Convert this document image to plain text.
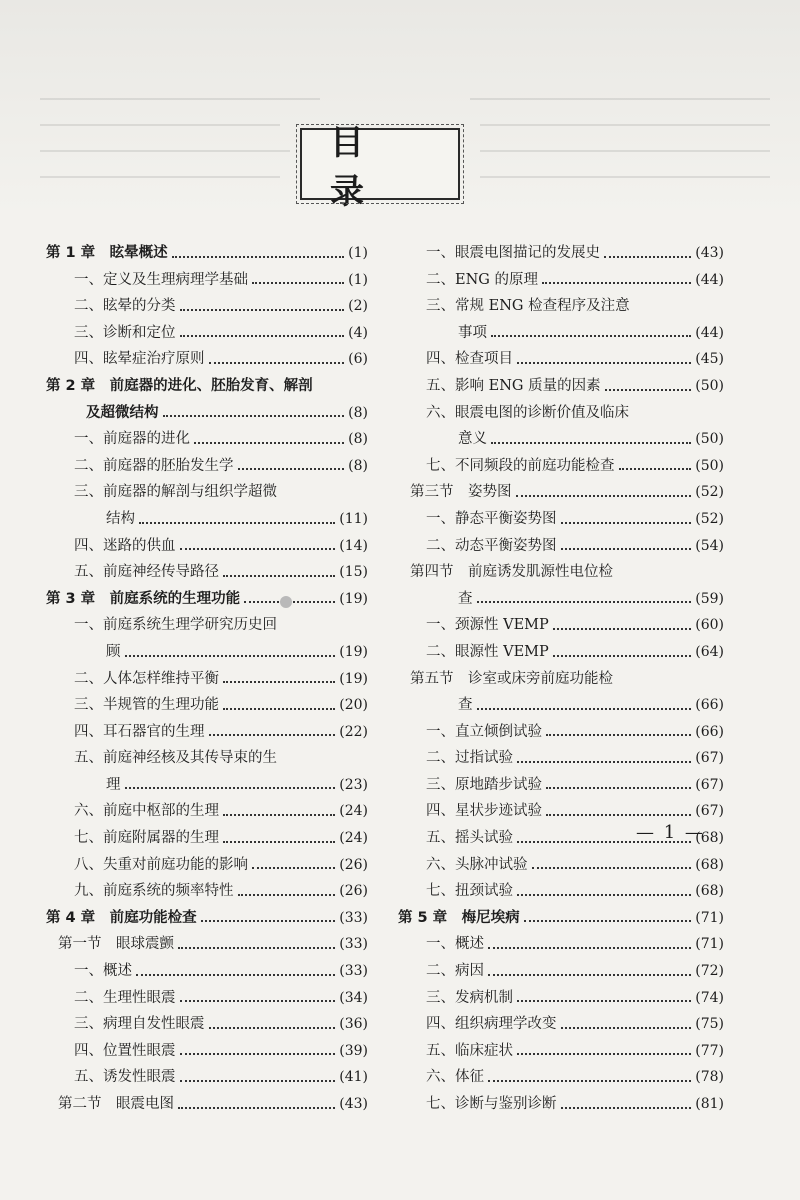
目 录
第 1 章　眩晕概述	(1)
一、定义及生理病理学基础	(1)
二、眩晕的分类	(2)
三、诊断和定位	(4)
四、眩晕症治疗原则	(6)
第 2 章　前庭器的进化、胚胎发育、解剖
及超微结构	(8)
一、前庭器的进化	(8)
二、前庭器的胚胎发生学	(8)
三、前庭器的解剖与组织学超微
结构	(11)
四、迷路的供血	(14)
五、前庭神经传导路径	(15)
第 3 章　前庭系统的生理功能	(19)
一、前庭系统生理学研究历史回
顾	(19)
二、人体怎样维持平衡	(19)
三、半规管的生理功能	(20)
四、耳石器官的生理	(22)
五、前庭神经核及其传导束的生
理	(23)
六、前庭中枢部的生理	(24)
七、前庭附属器的生理	(24)
八、失重对前庭功能的影响	(26)
九、前庭系统的频率特性	(26)
第 4 章　前庭功能检查	(33)
第一节　眼球震颤	(33)
一、概述	(33)
二、生理性眼震	(34)
三、病理自发性眼震	(36)
四、位置性眼震	(39)
五、诱发性眼震	(41)
第二节　眼震电图	(43)
一、眼震电图描记的发展史	(43)
二、ENG 的原理	(44)
三、常规 ENG 检查程序及注意
事项	(44)
四、检查项目	(45)
五、影响 ENG 质量的因素	(50)
六、眼震电图的诊断价值及临床
意义	(50)
七、不同频段的前庭功能检查	(50)
第三节　姿势图	(52)
一、静态平衡姿势图	(52)
二、动态平衡姿势图	(54)
第四节　前庭诱发肌源性电位检
查	(59)
一、颈源性 VEMP	(60)
二、眼源性 VEMP	(64)
第五节　诊室或床旁前庭功能检
查	(66)
一、直立倾倒试验	(66)
二、过指试验	(67)
三、原地踏步试验	(67)
四、星状步迹试验	(67)
五、摇头试验	(68)
六、头脉冲试验	(68)
七、扭颈试验	(68)
第 5 章　梅尼埃病	(71)
一、概述	(71)
二、病因	(72)
三、发病机制	(74)
四、组织病理学改变	(75)
五、临床症状	(77)
六、体征	(78)
七、诊断与鉴别诊断	(81)
— 1 —
